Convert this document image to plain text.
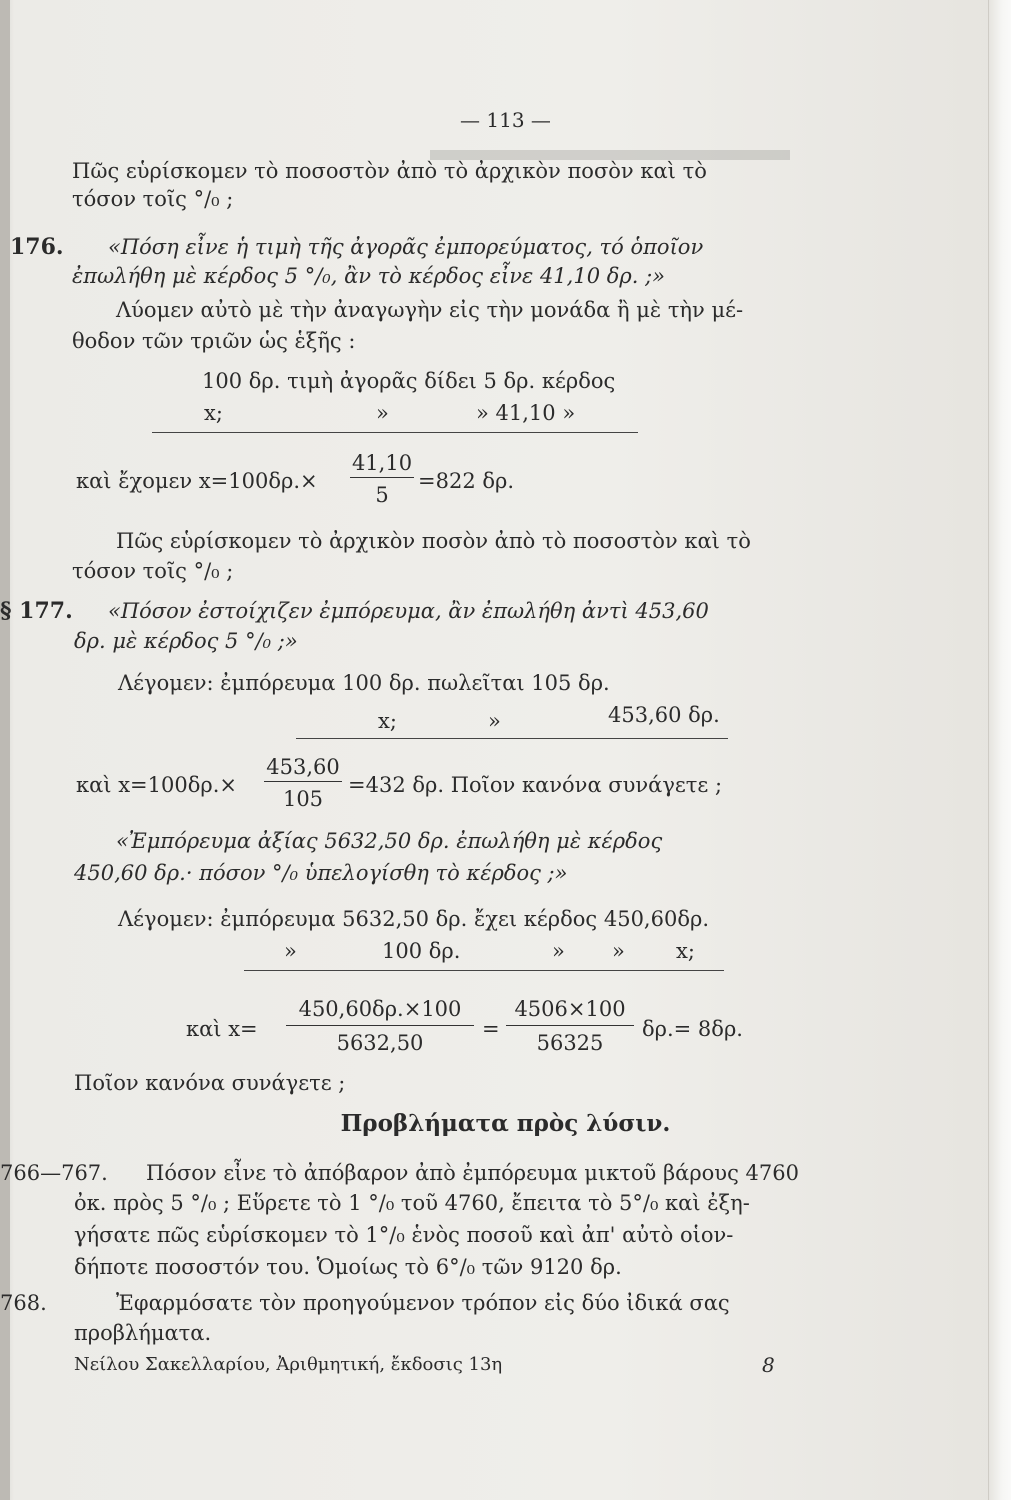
— 113 —
Πῶς εὑρίσκομεν τὸ ποσοστὸν ἀπὸ τὸ ἀρχικὸν ποσὸν καὶ τὸ
τόσον τοῖς °/₀ ;
176. «Πόση εἶνε ἡ τιμὴ τῆς ἀγορᾶς ἐμπορεύματος, τό ὁποῖον
ἐπωλήθη μὲ κέρδος 5 °/₀, ἂν τὸ κέρδος εἶνε 41,10 δρ. ;»
Λύομεν αὐτὸ μὲ τὴν ἀναγωγὴν εἰς τὴν μονάδα ἢ μὲ τὴν μέ-
θοδον τῶν τριῶν ὡς ἑξῆς :
100 δρ. τιμὴ ἀγορᾶς δίδει 5 δρ. κέρδος
x;	»	» 41,10 »
καὶ ἔχομεν x=100δρ.×
41,10
5
=822 δρ.
Πῶς εὑρίσκομεν τὸ ἀρχικὸν ποσὸν ἀπὸ τὸ ποσοστὸν καὶ τὸ
τόσον τοῖς °/₀ ;
§ 177. «Πόσον ἐστοίχιζεν ἐμπόρευμα, ἂν ἐπωλήθη ἀντὶ 453,60
δρ. μὲ κέρδος 5 °/₀ ;»
Λέγομεν: ἐμπόρευμα 100 δρ. πωλεῖται 105 δρ.
x;	»	453,60 δρ.
καὶ x=100δρ.×
453,60
105
=432 δρ. Ποῖον κανόνα συνάγετε ;
«Ἐμπόρευμα ἀξίας 5632,50 δρ. ἐπωλήθη μὲ κέρδος
450,60 δρ.· πόσον °/₀ ὑπελογίσθη τὸ κέρδος ;»
Λέγομεν: ἐμπόρευμα 5632,50 δρ. ἔχει κέρδος 450,60δρ.
»	100 δρ.	» » x;
καὶ x=
450,60δρ.×100
5632,50
=
4506×100
56325
δρ.= 8δρ.
Ποῖον κανόνα συνάγετε ;
Προβλήματα πρὸς λύσιν.
766—767. Πόσον εἶνε τὸ ἀπόβαρον ἀπὸ ἐμπόρευμα μικτοῦ βάρους 4760
ὀκ. πρὸς 5 °/₀ ; Εὕρετε τὸ 1 °/₀ τοῦ 4760, ἔπειτα τὸ 5°/₀ καὶ ἐξη-
γήσατε πῶς εὑρίσκομεν τὸ 1°/₀ ἑνὸς ποσοῦ καὶ ἀπ' αὐτὸ οἱον-
δήποτε ποσοστόν του. Ὁμοίως τὸ 6°/₀ τῶν 9120 δρ.
768.	Ἐφαρμόσατε τὸν προηγούμενον τρόπον εἰς δύο ἰδικά σας
προβλήματα.
Νείλου Σακελλαρίου, Ἀριθμητική, ἔκδοσις 13η	8
